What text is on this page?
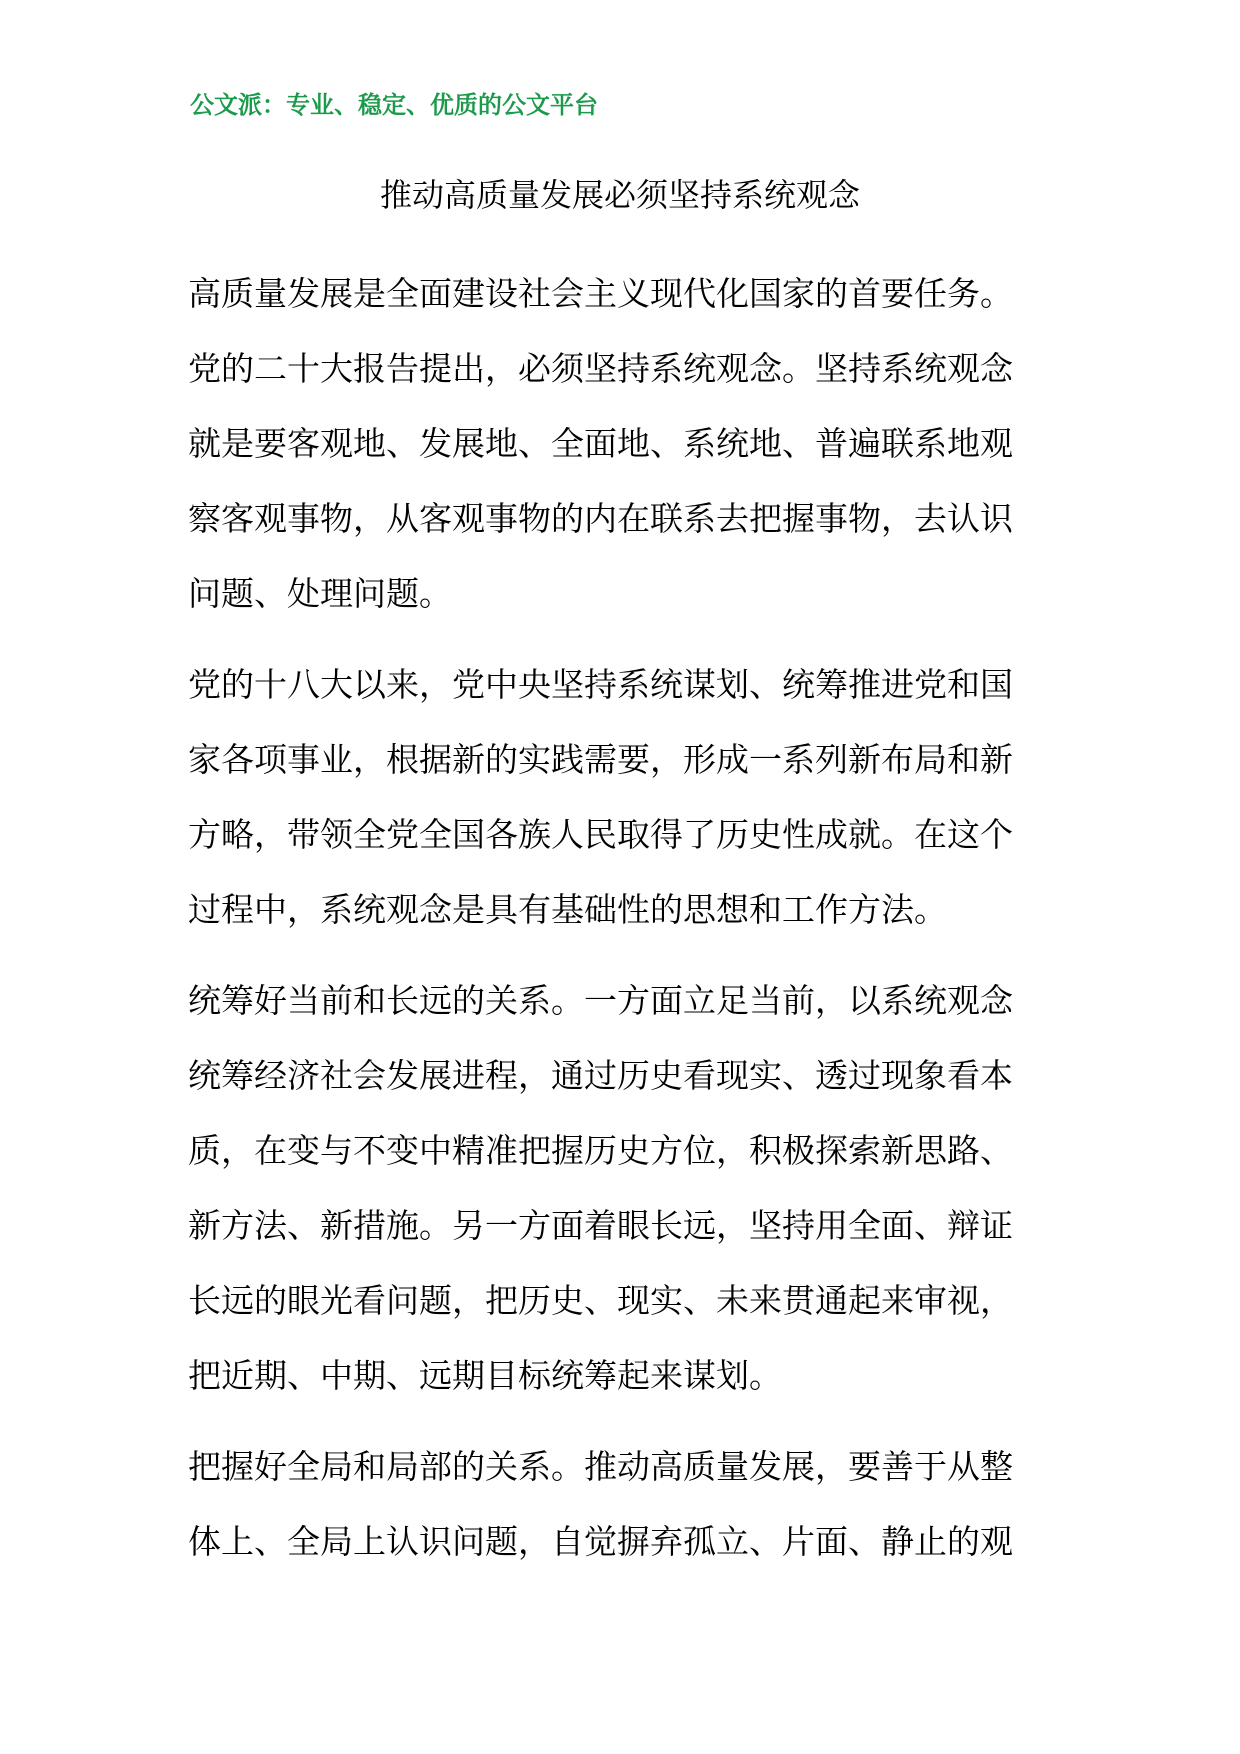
公文派：专业、稳定、优质的公文平台
推动高质量发展必须坚持系统观念
高质量发展是全面建设社会主义现代化国家的首要任务。
党的二十大报告提出，必须坚持系统观念。坚持系统观念
就是要客观地、发展地、全面地、系统地、普遍联系地观
察客观事物，从客观事物的内在联系去把握事物，去认识
问题、处理问题。
党的十八大以来，党中央坚持系统谋划、统筹推进党和国
家各项事业，根据新的实践需要，形成一系列新布局和新
方略，带领全党全国各族人民取得了历史性成就。在这个
过程中，系统观念是具有基础性的思想和工作方法。
统筹好当前和长远的关系。一方面立足当前，以系统观念
统筹经济社会发展进程，通过历史看现实、透过现象看本
质，在变与不变中精准把握历史方位，积极探索新思路、
新方法、新措施。另一方面着眼长远，坚持用全面、辩证
长远的眼光看问题，把历史、现实、未来贯通起来审视，
把近期、中期、远期目标统筹起来谋划。
把握好全局和局部的关系。推动高质量发展，要善于从整
体上、全局上认识问题，自觉摒弃孤立、片面、静止的观
